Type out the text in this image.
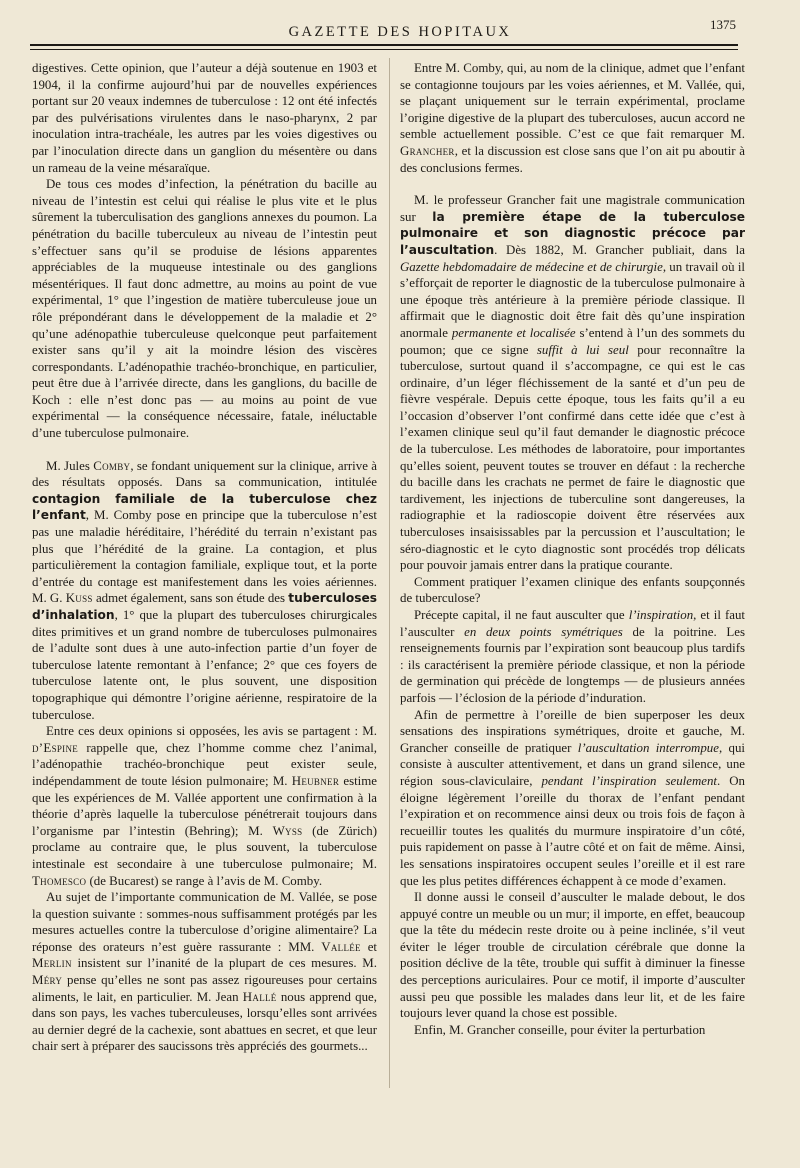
GAZETTE DES HOPITAUX	1375

digestives. Cette opinion, que l’auteur a déjà soutenue en 1903 et 1904, il la confirme aujourd’hui par de nouvelles expériences portant sur 20 veaux indemnes de tuberculose : 12 ont été infectés par des pulvérisations virulentes dans le naso-pharynx, 2 par inoculation intra-trachéale, les autres par les voies digestives ou par l’inoculation directe dans un ganglion du mésentère ou dans un rameau de la veine mésaraïque.

De tous ces modes d’infection, la pénétration du bacille au niveau de l’intestin est celui qui réalise le plus vite et le plus sûrement la tuberculisation des ganglions annexes du poumon. La pénétration du bacille tuberculeux au niveau de l’intestin peut s’effectuer sans qu’il se produise de lésions apparentes appréciables de la muqueuse intestinale ou des ganglions mésentériques. Il faut donc admettre, au moins au point de vue expérimental, 1° que l’ingestion de matière tuberculeuse joue un rôle prépondérant dans le développement de la maladie et 2° qu’une adénopathie tuberculeuse quelconque peut parfaitement exister sans qu’il y ait la moindre lésion des viscères correspondants. L’adénopathie trachéo-bronchique, en particulier, peut être due à l’arrivée directe, dans les ganglions, du bacille de Koch : elle n’est donc pas — au moins au point de vue expérimental — la conséquence nécessaire, fatale, inéluctable d’une tuberculose pulmonaire.

M. Jules Comby, se fondant uniquement sur la clinique, arrive à des résultats opposés. Dans sa communication, intitulée contagion familiale de la tuberculose chez l’enfant, M. Comby pose en principe que la tuberculose n’est pas une maladie héréditaire, l’hérédité du terrain n’existant pas plus que l’hérédité de la graine. La contagion, et plus particulièrement la contagion familiale, explique tout, et la porte d’entrée du contage est manifestement dans les voies aériennes. M. G. Kuss admet également, sans son étude des tuberculoses d’inhalation, 1° que la plupart des tuberculoses chirurgicales dites primitives et un grand nombre de tuberculoses pulmonaires de l’adulte sont dues à une auto-infection partie d’un foyer de tuberculose latente remontant à l’enfance; 2° que ces foyers de tuberculose latente ont, le plus souvent, une disposition topographique qui démontre l’origine aérienne, respiratoire de la tuberculose.

Entre ces deux opinions si opposées, les avis se partagent : M. d’Espine rappelle que, chez l’homme comme chez l’animal, l’adénopathie trachéo-bronchique peut exister seule, indépendamment de toute lésion pulmonaire; M. Heubner estime que les expériences de M. Vallée apportent une confirmation à la théorie d’après laquelle la tuberculose pénétrerait toujours dans l’organisme par l’intestin (Behring); M. Wyss (de Zürich) proclame au contraire que, le plus souvent, la tuberculose intestinale est secondaire à une tuberculose pulmonaire; M. Thomesco (de Bucarest) se range à l’avis de M. Comby.

Au sujet de l’importante communication de M. Vallée, se pose la question suivante : sommes-nous suffisamment protégés par les mesures actuelles contre la tuberculose d’origine alimentaire? La réponse des orateurs n’est guère rassurante : MM. Vallée et Merlin insistent sur l’inanité de la plupart de ces mesures. M. Méry pense qu’elles ne sont pas assez rigoureuses pour certains aliments, le lait, en particulier. M. Jean Hallé nous apprend que, dans son pays, les vaches tuberculeuses, lorsqu’elles sont arrivées au dernier degré de la cachexie, sont abattues en secret, et que leur chair sert à préparer des saucissons très appréciés des gourmets...

Entre M. Comby, qui, au nom de la clinique, admet que l’enfant se contagionne toujours par les voies aériennes, et M. Vallée, qui, se plaçant uniquement sur le terrain expérimental, proclame l’origine digestive de la plupart des tuberculoses, aucun accord ne semble actuellement possible. C’est ce que fait remarquer M. Grancher, et la discussion est close sans que l’on ait pu aboutir à des conclusions fermes.

M. le professeur Grancher fait une magistrale communication sur la première étape de la tuberculose pulmonaire et son diagnostic précoce par l’auscultation. Dès 1882, M. Grancher publiait, dans la Gazette hebdomadaire de médecine et de chirurgie, un travail où il s’efforçait de reporter le diagnostic de la tuberculose pulmonaire à une époque très antérieure à la première période classique. Il affirmait que le diagnostic doit être fait dès qu’une inspiration anormale permanente et localisée s’entend à l’un des sommets du poumon; que ce signe suffit à lui seul pour reconnaître la tuberculose, surtout quand il s’accompagne, ce qui est le cas ordinaire, d’un léger fléchissement de la santé et d’un peu de fièvre vespérale. Depuis cette époque, tous les faits qu’il a eu l’occasion d’observer l’ont confirmé dans cette idée que c’est à l’examen clinique seul qu’il faut demander le diagnostic précoce de la tuberculose. Les méthodes de laboratoire, pour importantes qu’elles soient, peuvent toutes se trouver en défaut : la recherche du bacille dans les crachats ne permet de faire le diagnostic que tardivement, les injections de tuberculine sont dangereuses, la radiographie et la radioscopie doivent être réservées aux tuberculoses insaisissables par la percussion et l’auscultation; le séro-diagnostic et le cyto diagnostic sont procédés trop délicats pour pouvoir jamais entrer dans la pratique courante.

Comment pratiquer l’examen clinique des enfants soupçonnés de tuberculose?

Précepte capital, il ne faut ausculter que l’inspiration, et il faut l’ausculter en deux points symétriques de la poitrine. Les renseignements fournis par l’expiration sont beaucoup plus tardifs : ils caractérisent la première période classique, et non la période de germination qui précède de longtemps — de plusieurs années parfois — l’éclosion de la période d’induration.

Afin de permettre à l’oreille de bien superposer les deux sensations des inspirations symétriques, droite et gauche, M. Grancher conseille de pratiquer l’auscultation interrompue, qui consiste à ausculter attentivement, et dans un grand silence, une région sous-claviculaire, pendant l’inspiration seulement. On éloigne légèrement l’oreille du thorax de l’enfant pendant l’expiration et on recommence ainsi deux ou trois fois de façon à recueillir toutes les qualités du murmure inspiratoire d’un côté, puis rapidement on passe à l’autre côté et on fait de même. Ainsi, les sensations inspiratoires occupent seules l’oreille et il est rare que les plus petites différences échappent à ce mode d’examen.

Il donne aussi le conseil d’ausculter le malade debout, le dos appuyé contre un meuble ou un mur; il importe, en effet, beaucoup que la tête du médecin reste droite ou à peine inclinée, s’il veut éviter le léger trouble de circulation cérébrale que donne la position déclive de la tête, trouble qui suffit à diminuer la finesse des perceptions auriculaires. Pour ce motif, il importe d’ausculter aussi peu que possible les malades dans leur lit, et de les faire toujours lever quand la chose est possible.

Enfin, M. Grancher conseille, pour éviter la perturbation
